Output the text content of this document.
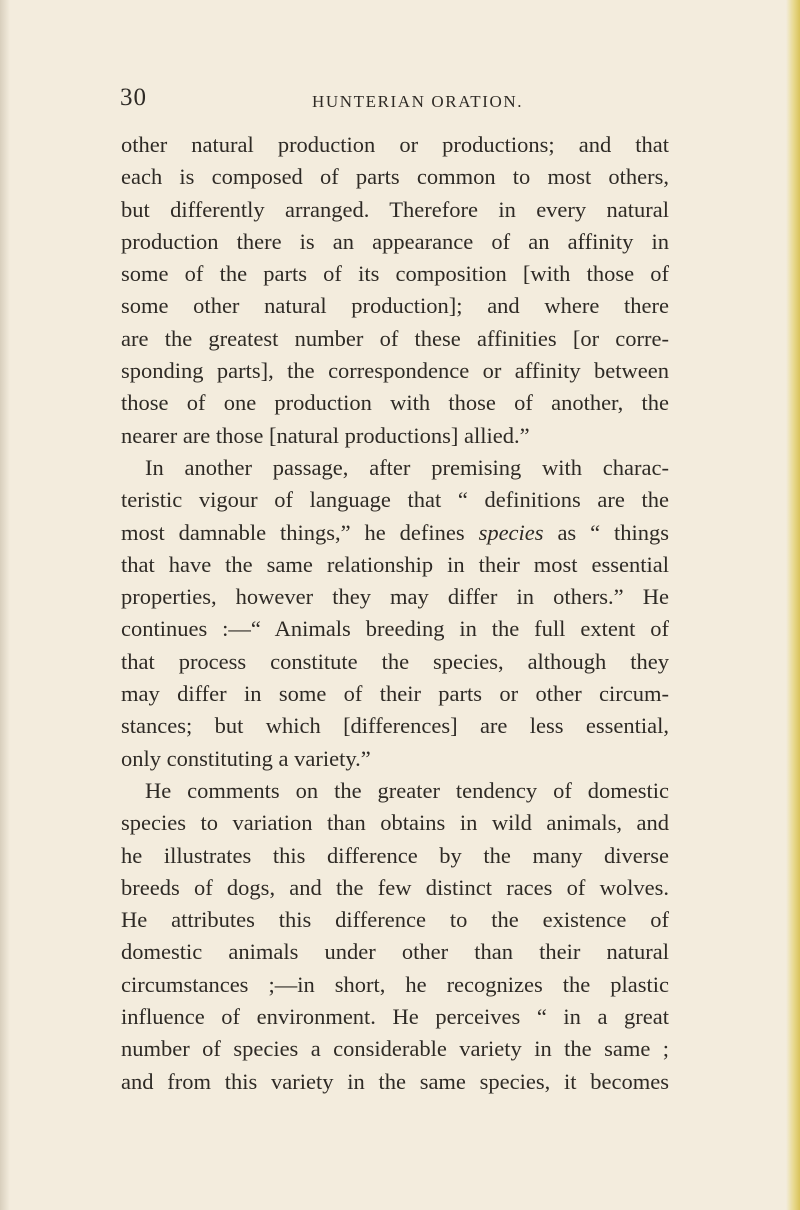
30	HUNTERIAN ORATION.
other natural production or productions; and that
each is composed of parts common to most others,
but differently arranged. Therefore in every natural
production there is an appearance of an affinity in
some of the parts of its composition [with those of
some other natural production]; and where there
are the greatest number of these affinities [or corre-
sponding parts], the correspondence or affinity between
those of one production with those of another, the
nearer are those [natural productions] allied.”
In another passage, after premising with charac-
teristic vigour of language that “ definitions are the
most damnable things,” he defines species as “ things
that have the same relationship in their most essential
properties, however they may differ in others.” He
continues :—“ Animals breeding in the full extent of
that process constitute the species, although they
may differ in some of their parts or other circum-
stances; but which [differences] are less essential,
only constituting a variety.”
He comments on the greater tendency of domestic
species to variation than obtains in wild animals, and
he illustrates this difference by the many diverse
breeds of dogs, and the few distinct races of wolves.
He attributes this difference to the existence of
domestic animals under other than their natural
circumstances ;—in short, he recognizes the plastic
influence of environment. He perceives “ in a great
number of species a considerable variety in the same ;
and from this variety in the same species, it becomes
